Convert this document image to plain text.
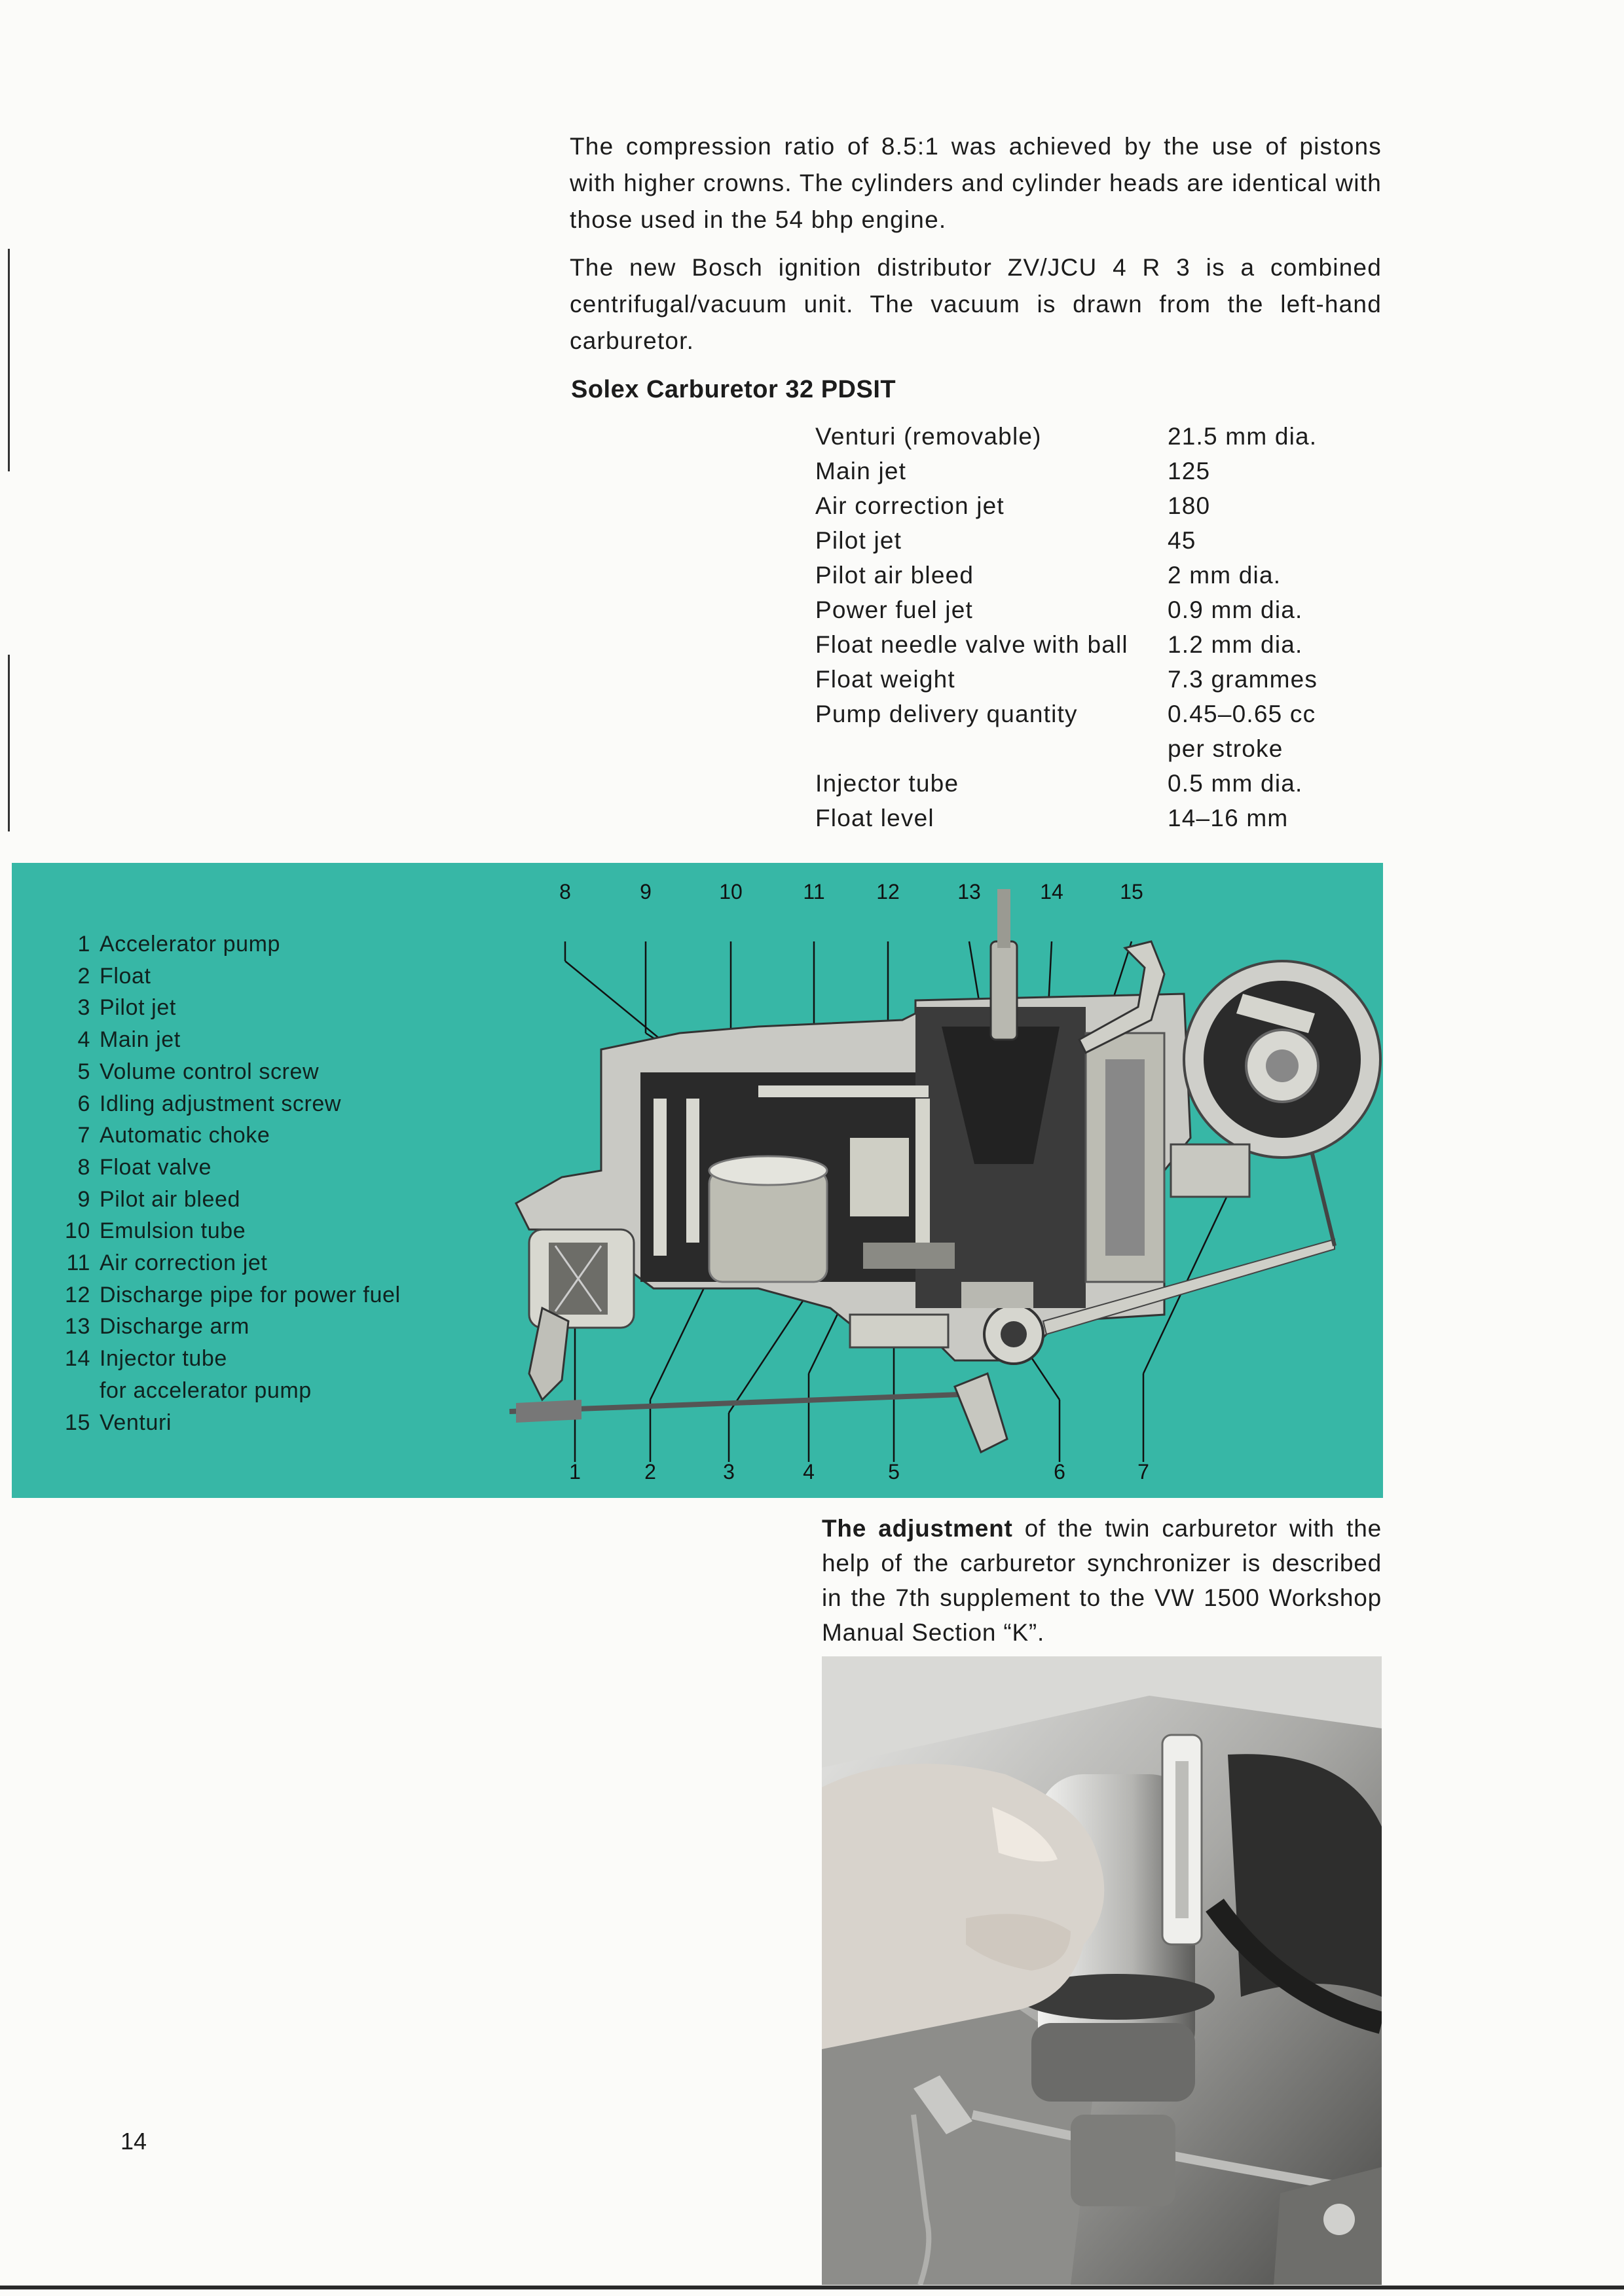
The compression ratio of 8.5:1 was achieved by the use of pistons with higher crowns. The cylinders and cylinder heads are identical with those used in the 54 bhp engine.

The new Bosch ignition distributor ZV/JCU 4 R 3 is a combined centrifugal/vacuum unit. The vacuum is drawn from the left-hand carburetor.

Solex Carburetor 32 PDSIT
Venturi (removable)	21.5 mm dia.
Main jet	125
Air correction jet	180
Pilot jet	45
Pilot air bleed	2 mm dia.
Power fuel jet	0.9 mm dia.
Float needle valve with ball	1.2 mm dia.
Float weight	7.3 grammes
Pump delivery quantity	0.45–0.65 cc
per stroke
Injector tube	0.5 mm dia.
Float level	14–16 mm
1 Accelerator pump
2 Float
3 Pilot jet
4 Main jet
5 Volume control screw
6 Idling adjustment screw
7 Automatic choke
8 Float valve
9 Pilot air bleed
10 Emulsion tube
11 Air correction jet
12 Discharge pipe for power fuel
13 Discharge arm
14 Injector tube
for accelerator pump
15 Venturi
8	9	10	11 12	13	14	15
1	2	3	4	5	6	7
The adjustment of the twin carburetor with the help of the carburetor synchronizer is described in the 7th supplement to the VW 1500 Workshop Manual Section “K”.
14
